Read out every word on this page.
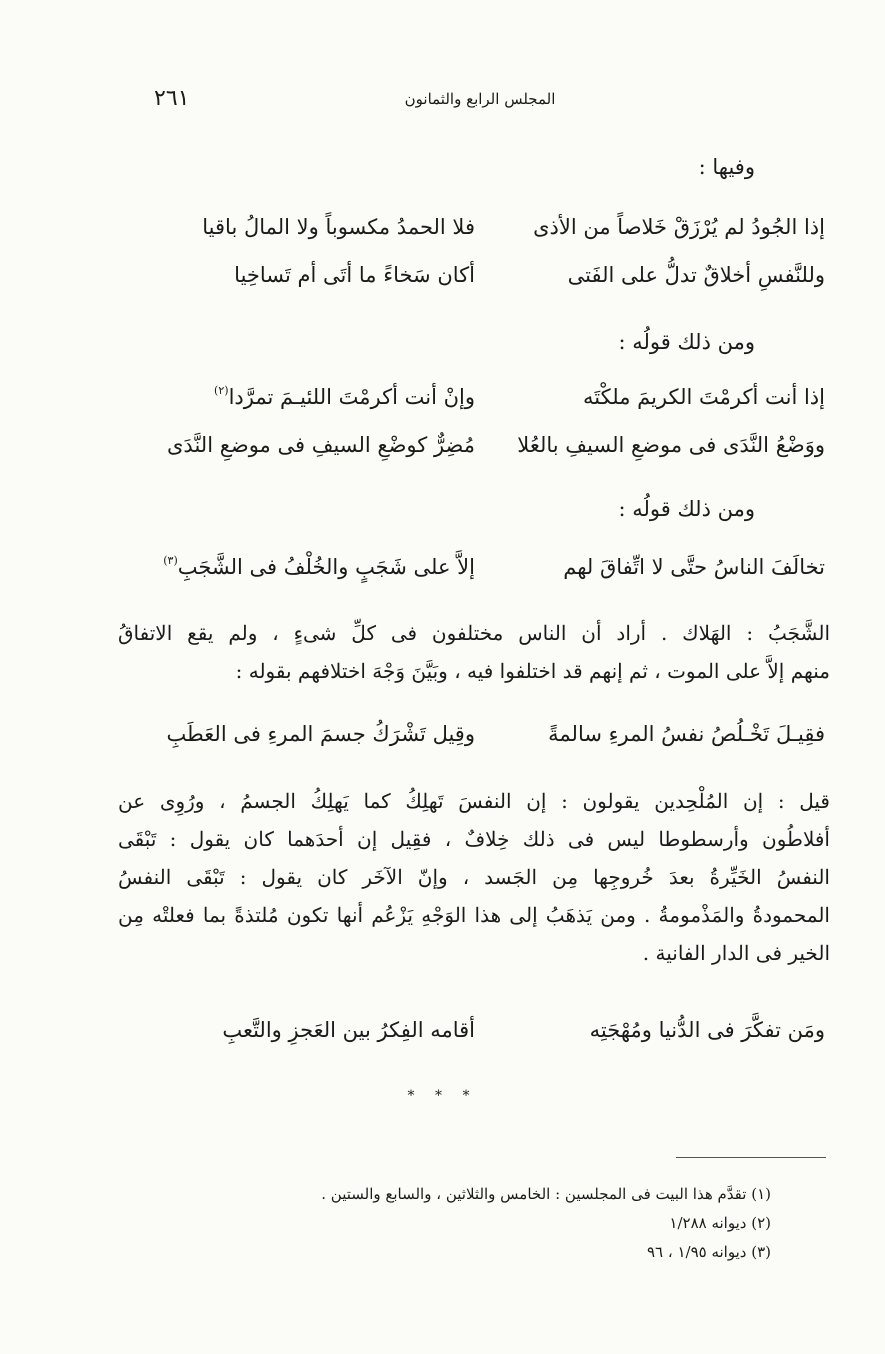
٢٦١	المجلس الرابع والثمانون
وفيها :
إذا الجُودُ لم يُرْزَقْ خَلاصاً من الأذى
فلا الحمدُ مكسوباً ولا المالُ باقيا
وللنَّفسِ أخلاقٌ تدلُّ على الفَتى
أكان سَخاءً ما أتَى أم تَساخِيا
ومن ذلك قولُه :
إذا أنت أكرمْتَ الكريمَ ملكْتَه
وإنْ أنت أكرمْتَ اللئيـمَ تمرَّدا$^{(٢)}$
ووَضْعُ النَّدَى فى موضعِ السيفِ بالعُلا
مُضِرٌّ كوضْعِ السيفِ فى موضعِ النَّدَى
ومن ذلك قولُه :
تخالَفَ الناسُ حتَّى لا اتِّفاقَ لهم
إلاَّ على شَجَبٍ والخُلْفُ فى الشَّجَبِ$^{(٣)}$
الشَّجَبُ : الهَلاك . أراد أن الناس مختلفون فى كلِّ شىءٍ ، ولم يقع الاتفاقُ
منهم إلاَّ على الموت ، ثم إنهم قد اختلفوا فيه ، وبَيَّنَ وَجْهَ اختلافهم بقوله :
فقِيـلَ تَخْـلُصُ نفسُ المرءِ سالمةً
وقِيل تَشْرَكُ جسمَ المرءِ فى العَطَبِ
قيل : إن المُلْحِدين يقولون : إن النفسَ تَهلِكُ كما يَهلِكُ الجسمُ ، ورُوِى عن
أفلاطُون وأرسطوطا ليس فى ذلك خِلافٌ ، فقِيل إن أحدَهما كان يقول : تَبْقَى
النفسُ الخَيِّرةُ بعدَ خُروجِها مِن الجَسد ، وإنّ الآخَر كان يقول : تَبْقَى النفسُ
المحمودةُ والمَذْمومةُ . ومن يَذهَبُ إلى هذا الوَجْهِ يَزْعُم أنها تكون مُلتذةً بما فعلتْه مِن
الخير فى الدار الفانية .
ومَن تفكَّرَ فى الدُّنيا ومُهْجَتِه
أقامه الفِكرُ بين العَجزِ والتَّعبِ
* * *
(١) تقدَّم هذا البيت فى المجلسين : الخامس والثلاثين ، والسابع والستين .
(٢) ديوانه ١/٢٨٨
(٣) ديوانه ١/٩٥ ، ٩٦
